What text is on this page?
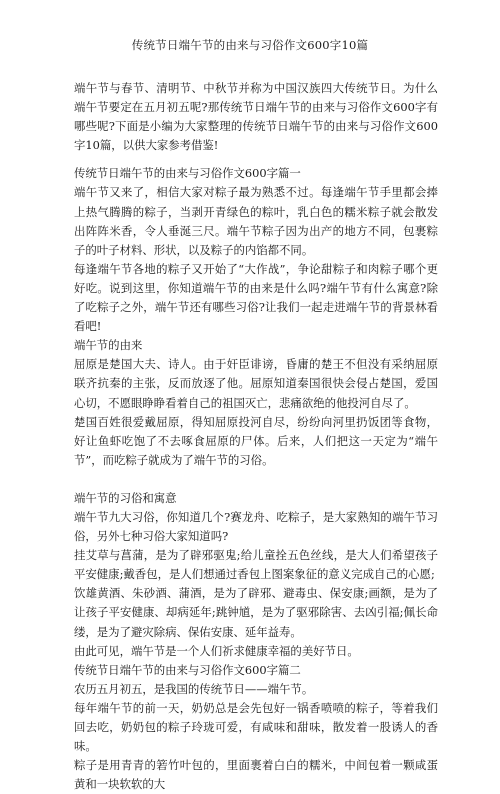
传统节日端午节的由来与习俗作文600字10篇

端午节与春节、清明节、中秋节并称为中国汉族四大传统节日。为什么端午节要定在五月初五呢?那传统节日端午节的由来与习俗作文600字有哪些呢?下面是小编为大家整理的传统节日端午节的由来与习俗作文600字10篇，以供大家参考借鉴!

传统节日端午节的由来与习俗作文600字篇一

端午节又来了，相信大家对粽子最为熟悉不过。每逢端午节手里都会捧上热气腾腾的粽子，当剥开青绿色的粽叶，乳白色的糯米粽子就会散发出阵阵米香，令人垂涎三尺。端午节粽子因为出产的地方不同，包裹粽子的叶子材料、形状，以及粽子的内馅都不同。

每逢端午节各地的粽子又开始了“大作战”，争论甜粽子和肉粽子哪个更好吃。说到这里，你知道端午节的由来是什么吗?端午节有什么寓意?除了吃粽子之外，端午节还有哪些习俗?让我们一起走进端午节的背景林看看吧!

端午节的由来

屈原是楚国大夫、诗人。由于奸臣诽谤，昏庸的楚王不但没有采纳屈原联齐抗秦的主张，反而放逐了他。屈原知道秦国很快会侵占楚国，爱国心切，不愿眼睁睁看着自己的祖国灭亡，悲痛欲绝的他投河自尽了。

楚国百姓很爱戴屈原，得知屈原投河自尽，纷纷向河里扔饭团等食物，好让鱼虾吃饱了不去啄食屈原的尸体。后来，人们把这一天定为“端午节”，而吃粽子就成为了端午节的习俗。

端午节的习俗和寓意

端午节九大习俗，你知道几个?赛龙舟、吃粽子，是大家熟知的端午节习俗，另外七种习俗大家知道吗?

挂艾草与菖蒲，是为了辟邪驱鬼;给儿童拴五色丝线，是大人们希望孩子平安健康;戴香包，是人们想通过香包上图案象征的意义完成自己的心愿;

饮雄黄酒、朱砂酒、蒲酒，是为了辟邪、避毒虫、保安康;画额，是为了让孩子平安健康、却病延年;跳钟馗，是为了驱邪除害、去凶引福;佩长命缕，是为了避灾除病、保佑安康、延年益寿。

由此可见，端午节是一个人们祈求健康幸福的美好节日。

传统节日端午节的由来与习俗作文600字篇二

农历五月初五，是我国的传统节日——端午节。

每年端午节的前一天，奶奶总是会先包好一锅香喷喷的粽子，等着我们回去吃，奶奶包的粽子玲珑可爱，有咸味和甜味，散发着一股诱人的香味。

粽子是用青青的箬竹叶包的，里面裹着白白的糯米，中间包着一颗咸蛋黄和一块软软的大
